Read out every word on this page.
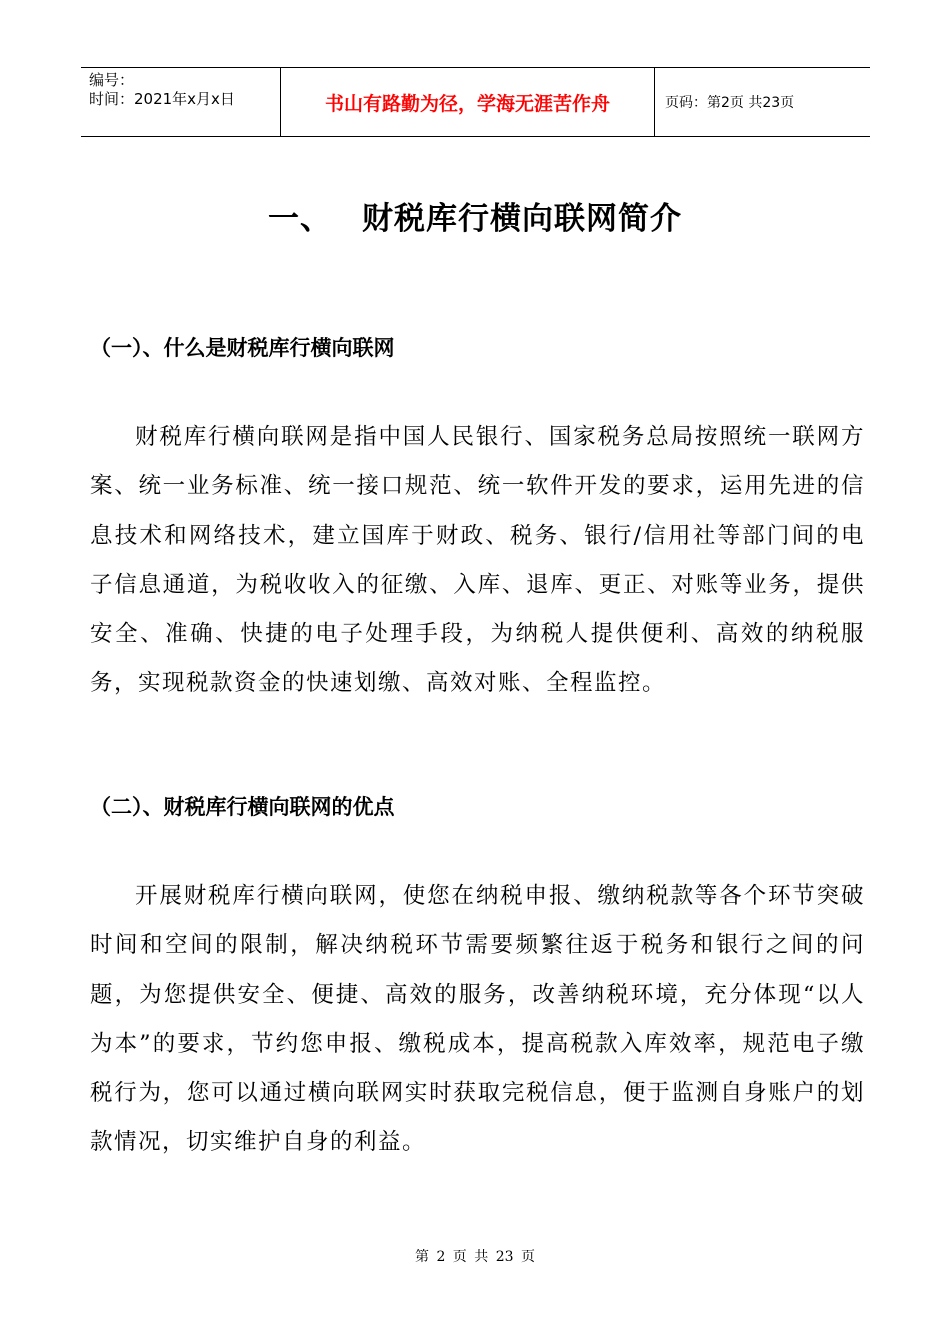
编号：
时间：2021年x月x日	书山有路勤为径，学海无涯苦作舟	页码：第2页 共23页
一、 财税库行横向联网简介
（一）、什么是财税库行横向联网

财税库行横向联网是指中国人民银行、国家税务总局按照统一联网方案、统一业务标准、统一接口规范、统一软件开发的要求，运用先进的信息技术和网络技术，建立国库于财政、税务、银行/信用社等部门间的电子信息通道，为税收收入的征缴、入库、退库、更正、对账等业务，提供安全、准确、快捷的电子处理手段，为纳税人提供便利、高效的纳税服务，实现税款资金的快速划缴、高效对账、全程监控。

（二）、财税库行横向联网的优点

开展财税库行横向联网，使您在纳税申报、缴纳税款等各个环节突破时间和空间的限制，解决纳税环节需要频繁往返于税务和银行之间的问题，为您提供安全、便捷、高效的服务，改善纳税环境，充分体现“以人为本”的要求，节约您申报、缴税成本，提高税款入库效率，规范电子缴税行为，您可以通过横向联网实时获取完税信息，便于监测自身账户的划款情况，切实维护自身的利益。

第 2 页 共 23 页
